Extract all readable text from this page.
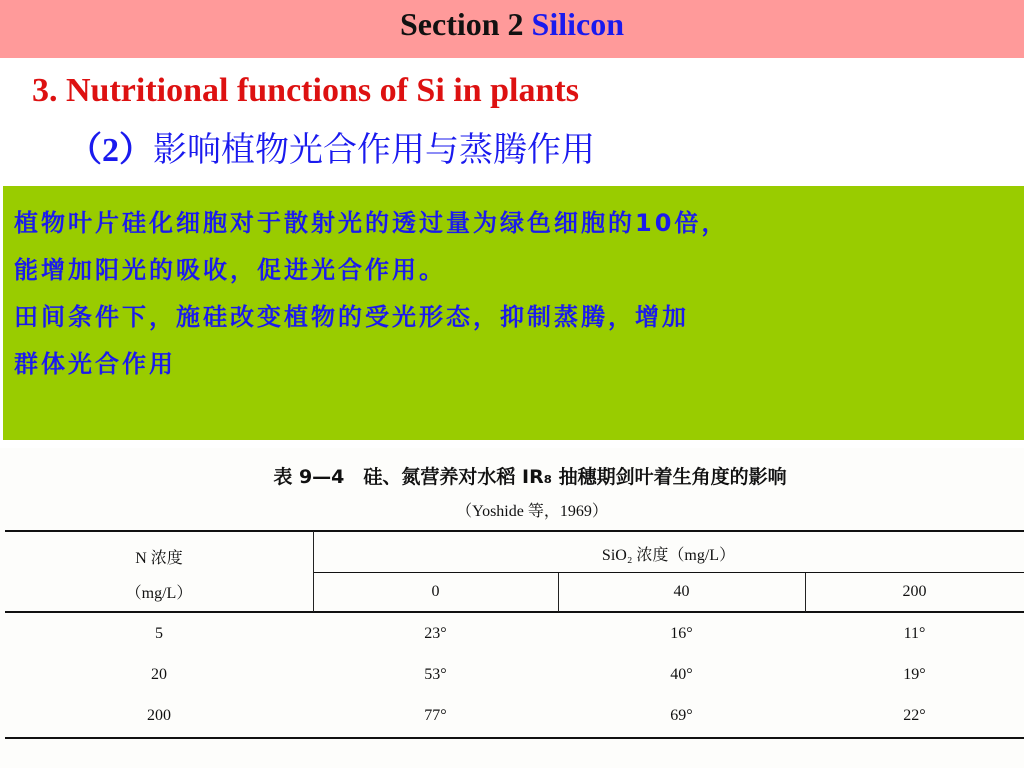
Section 2 Silicon
3. Nutritional functions of Si in plants
（2）影响植物光合作用与蒸腾作用

植物叶片硅化细胞对于散射光的透过量为绿色细胞的10倍，

能增加阳光的吸收，促进光合作用。

田间条件下，施硅改变植物的受光形态，抑制蒸腾，增加

群体光合作用

表 9—4　硅、氮营养对水稻 IR₈ 抽穗期剑叶着生角度的影响
（Yoshide 等，1969）
N 浓度
（mg/L）
SiO₂ 浓度（mg/L）
0	40	200
5	23°	16°	11°
20	53°	40°	19°
200	77°	69°	22°
